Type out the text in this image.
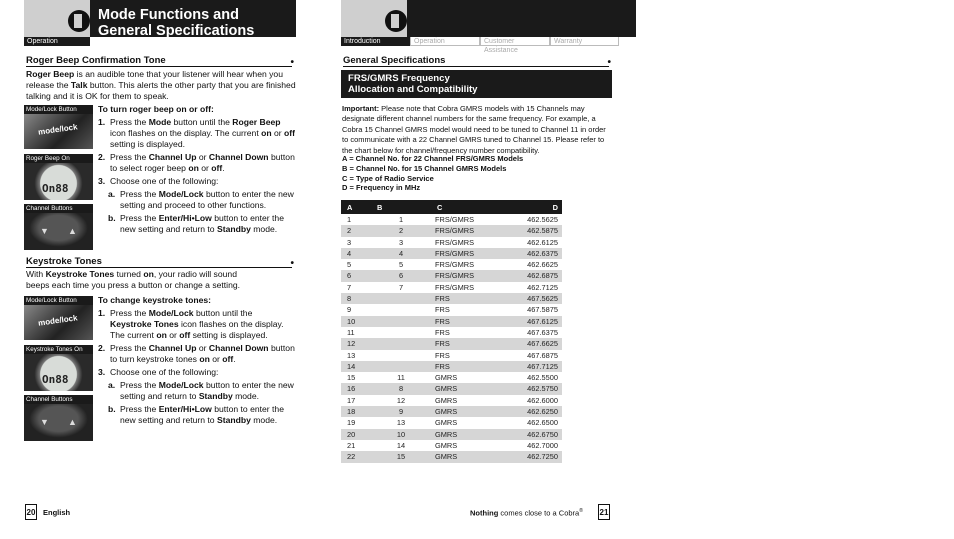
Operation
Mode Functions and
General Specifications
Introduction	Operation	Customer Assistance
Warranty
Roger Beep Confirmation Tone	•
Roger Beep is an audible tone that your listener will hear when you release the Talk button. This alerts the other party that you are finished talking and it is OK for them to speak.
To turn roger beep on or off:
1. Press the Mode button until the Roger Beep icon flashes on the display. The current on or off setting is displayed.
2. Press the Channel Up or Channel Down button to select roger beep on or off.
3. Choose one of the following:
a. Press the Mode/Lock button to enter the new setting and proceed to other functions.
b. Press the Enter/Hi•Low button to enter the new setting and return to Standby mode.
Mode/Lock Button
mode/lock
Roger Beep On
On88
Channel Buttons
▼ ▲
Keystroke Tones	•
With Keystroke Tones turned on, your radio will sound beeps each time you press a button or change a setting.
To change keystroke tones:
1. Press the Mode/Lock button until the Keystroke Tones icon flashes on the display. The current on or off setting is displayed.
2. Press the Channel Up or Channel Down button to turn keystroke tones on or off.
3. Choose one of the following:
a. Press the Mode/Lock button to enter the new setting and return to Standby mode.
b. Press the Enter/Hi•Low button to enter the new setting and return to Standby mode.
Mode/Lock Button
mode/lock
Keystroke Tones On
On88
Channel Buttons
▼ ▲
General Specifications	•
FRS/GMRS Frequency
Allocation and Compatibility
Important: Please note that Cobra GMRS models with 15 Channels may designate different channel numbers for the same frequency. For example, a Cobra 15 Channel GMRS model would need to be tuned to Channel 11 in order to communicate with a 22 Channel GMRS tuned to Channel 15. Please refer to the chart below for channel/frequency number compatibility.
A = Channel No. for 22 Channel FRS/GMRS Models
B = Channel No. for 15 Channel GMRS Models
C = Type of Radio Service
D = Frequency in MHz
A	B	C	D
1	1	FRS/GMRS	462.5625
2	2	FRS/GMRS	462.5875
3	3	FRS/GMRS	462.6125
4	4	FRS/GMRS	462.6375
5	5	FRS/GMRS	462.6625
6	6	FRS/GMRS	462.6875
7	7	FRS/GMRS	462.7125
8		FRS	467.5625
9		FRS	467.5875
10		FRS	467.6125
11		FRS	467.6375
12		FRS	467.6625
13		FRS	467.6875
14		FRS	467.7125
15	11	GMRS	462.5500
16	8	GMRS	462.5750
17	12	GMRS	462.6000
18	9	GMRS	462.6250
19	13	GMRS	462.6500
20	10	GMRS	462.6750
21	14	GMRS	462.7000
22	15	GMRS	462.7250
20 English	Nothing comes close to a Cobra® 21
